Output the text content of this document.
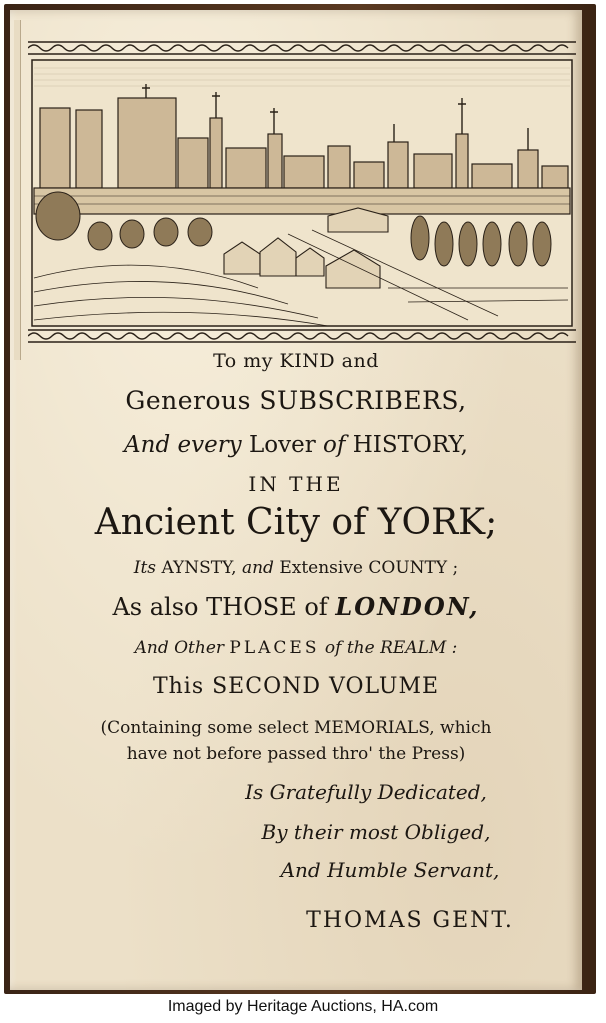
To my KIND and
Generous SUBSCRIBERS,
And every Lover of HISTORY,
IN THE
Ancient City of YORK;
Its AYNSTY, and Extensive COUNTY ;
As also THOSE of LONDON,
And Other PLACES of the REALM :
This SECOND VOLUME
(Containing some select MEMORIALS, which
have not before passed thro' the Press)
Is Gratefully Dedicated,
By their most Obliged,
And Humble Servant,
THOMAS GENT.
Imaged by Heritage Auctions, HA.com
